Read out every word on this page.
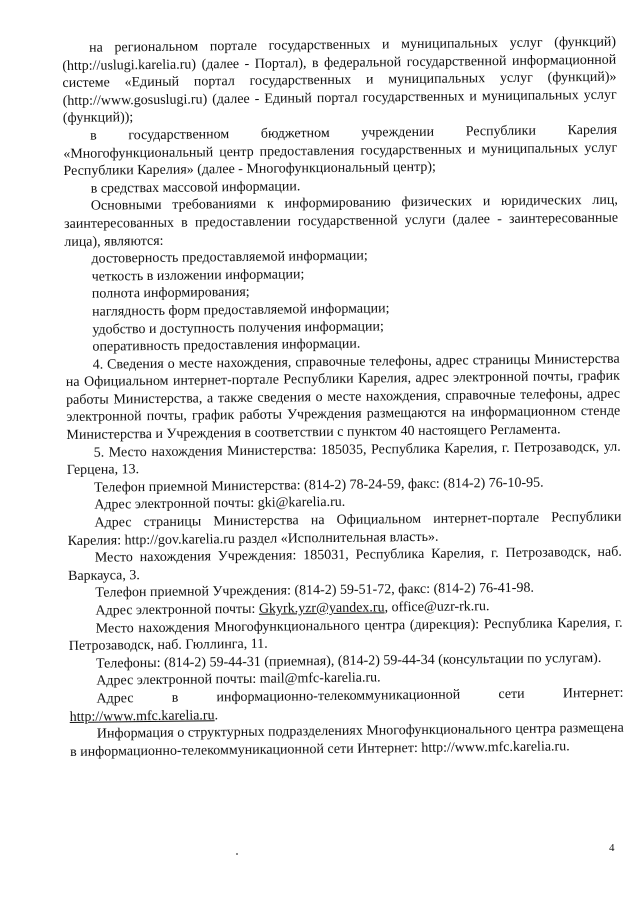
на региональном портале государственных и муниципальных услуг (функций) (http://uslugi.karelia.ru) (далее - Портал), в федеральной государственной информационной системе «Единый портал государственных и муниципальных услуг (функций)» (http://www.gosuslugi.ru) (далее - Единый портал государственных и муниципальных услуг (функций));

в государственном бюджетном учреждении Республики Карелия «Многофункциональный центр предоставления государственных и муниципальных услуг Республики Карелия» (далее - Многофункциональный центр);

в средствах массовой информации.

Основными требованиями к информированию физических и юридических лиц, заинтересованных в предоставлении государственной услуги (далее - заинтересованные лица), являются:

достоверность предоставляемой информации;

четкость в изложении информации;

полнота информирования;

наглядность форм предоставляемой информации;

удобство и доступность получения информации;

оперативность предоставления информации.

4. Сведения о месте нахождения, справочные телефоны, адрес страницы Министерства на Официальном интернет-портале Республики Карелия, адрес электронной почты, график работы Министерства, а также сведения о месте нахождения, справочные телефоны, адрес электронной почты, график работы Учреждения размещаются на информационном стенде Министерства и Учреждения в соответствии с пунктом 40 настоящего Регламента.

5. Место нахождения Министерства: 185035, Республика Карелия, г. Петрозаводск, ул. Герцена, 13.

Телефон приемной Министерства: (814-2) 78-24-59, факс: (814-2) 76-10-95.

Адрес электронной почты: gki@karelia.ru.

Адрес страницы Министерства на Официальном интернет-портале Республики Карелия: http://gov.karelia.ru раздел «Исполнительная власть».

Место нахождения Учреждения: 185031, Республика Карелия, г. Петрозаводск, наб. Варкауса, 3.

Телефон приемной Учреждения: (814-2) 59-51-72, факс: (814-2) 76-41-98.

Адрес электронной почты: Gkyrk.yzr@yandex.ru, office@uzr-rk.ru.

Место нахождения Многофункционального центра (дирекция): Республика Карелия, г. Петрозаводск, наб. Гюллинга, 11.

Телефоны: (814-2) 59-44-31 (приемная), (814-2) 59-44-34 (консультации по услугам).

Адрес электронной почты: mail@mfc-karelia.ru.

Адрес в информационно-телекоммуникационной сети Интернет: http://www.mfc.karelia.ru.

Информация о структурных подразделениях Многофункционального центра размещена в информационно-телекоммуникационной сети Интернет: http://www.mfc.karelia.ru.

4
